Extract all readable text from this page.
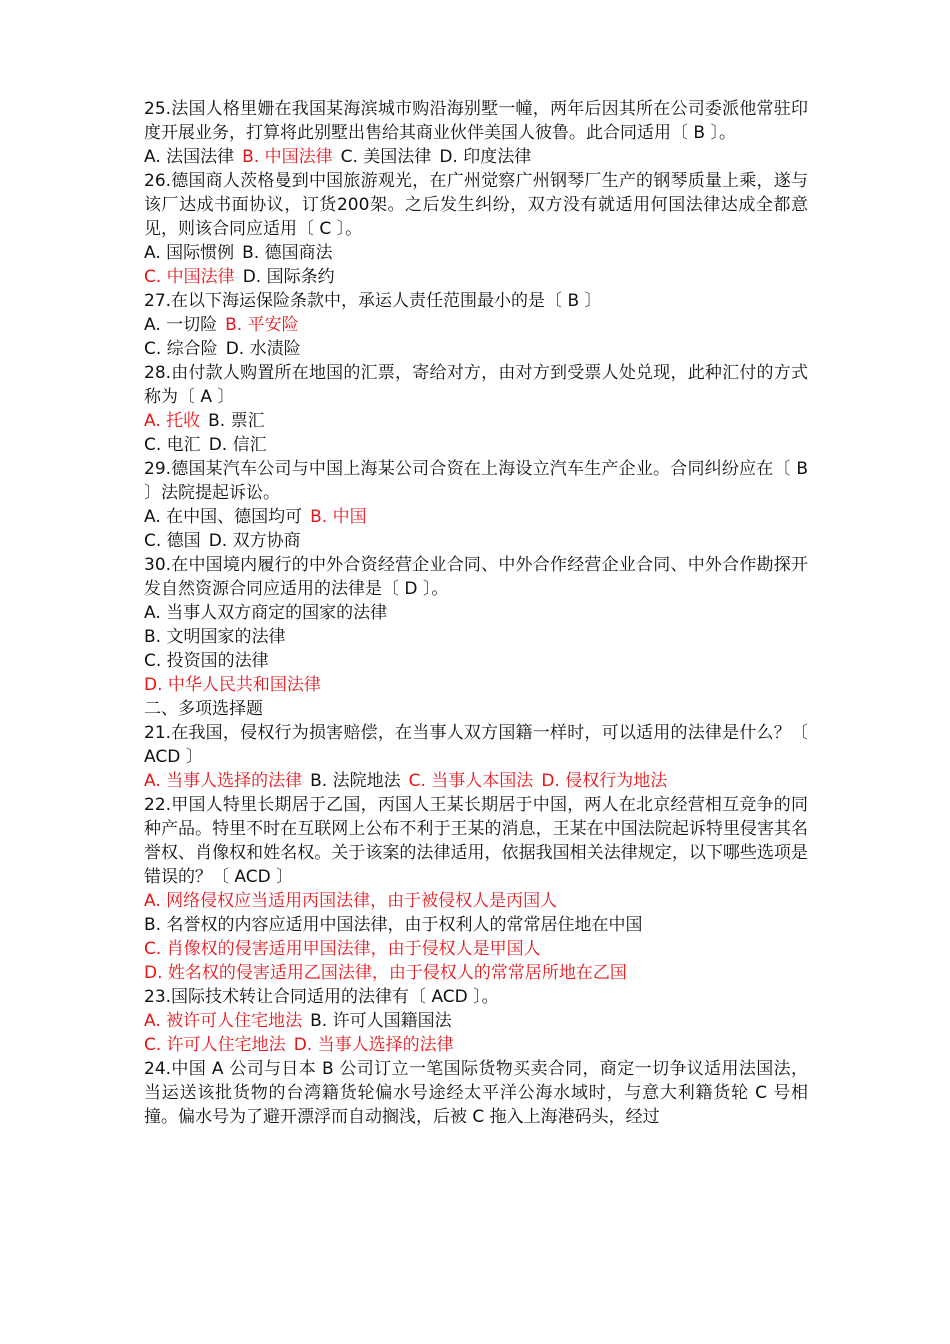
25.法国人格里姗在我国某海滨城市购沿海别墅一幢，两年后因其所在公司委派他常驻印度开展业务，打算将此别墅出售给其商业伙伴美国人彼鲁。此合同适用〔 B 〕。
A. 法国法律 B. 中国法律 C. 美国法律 D. 印度法律
26.德国商人茨格曼到中国旅游观光，在广州觉察广州钢琴厂生产的钢琴质量上乘，遂与该厂达成书面协议，订货200架。之后发生纠纷，双方没有就适用何国法律达成全都意见，则该合同应适用〔 C 〕。
A. 国际惯例 B. 德国商法
C. 中国法律 D. 国际条约
27.在以下海运保险条款中，承运人责任范围最小的是〔 B 〕
A. 一切险 B. 平安险
C. 综合险 D. 水渍险
28.由付款人购置所在地国的汇票，寄给对方，由对方到受票人处兑现，此种汇付的方式称为〔 A 〕
A. 托收 B. 票汇
C. 电汇 D. 信汇
29.德国某汽车公司与中国上海某公司合资在上海设立汽车生产企业。合同纠纷应在〔 B 〕法院提起诉讼。
A. 在中国、德国均可 B. 中国
C. 德国 D. 双方协商
30.在中国境内履行的中外合资经营企业合同、中外合作经营企业合同、中外合作勘探开发自然资源合同应适用的法律是〔 D 〕。
A. 当事人双方商定的国家的法律
B. 文明国家的法律
C. 投资国的法律
D. 中华人民共和国法律
二、多项选择题
21.在我国，侵权行为损害赔偿，在当事人双方国籍一样时，可以适用的法律是什么？〔 ACD 〕
A. 当事人选择的法律 B. 法院地法 C. 当事人本国法 D. 侵权行为地法
22.甲国人特里长期居于乙国，丙国人王某长期居于中国，两人在北京经营相互竞争的同种产品。特里不时在互联网上公布不利于王某的消息，王某在中国法院起诉特里侵害其名誉权、肖像权和姓名权。关于该案的法律适用，依据我国相关法律规定，以下哪些选项是错误的？〔 ACD 〕
A. 网络侵权应当适用丙国法律，由于被侵权人是丙国人
B. 名誉权的内容应适用中国法律，由于权利人的常常居住地在中国
C. 肖像权的侵害适用甲国法律，由于侵权人是甲国人
D. 姓名权的侵害适用乙国法律，由于侵权人的常常居所地在乙国
23.国际技术转让合同适用的法律有〔 ACD 〕。
A. 被许可人住宅地法 B. 许可人国籍国法
C. 许可人住宅地法 D. 当事人选择的法律
24.中国 A 公司与日本 B 公司订立一笔国际货物买卖合同，商定一切争议适用法国法，当运送该批货物的台湾籍货轮偏水号途经太平洋公海水域时，与意大利籍货轮 C 号相撞。偏水号为了避开漂浮而自动搁浅，后被 C 拖入上海港码头，经过
